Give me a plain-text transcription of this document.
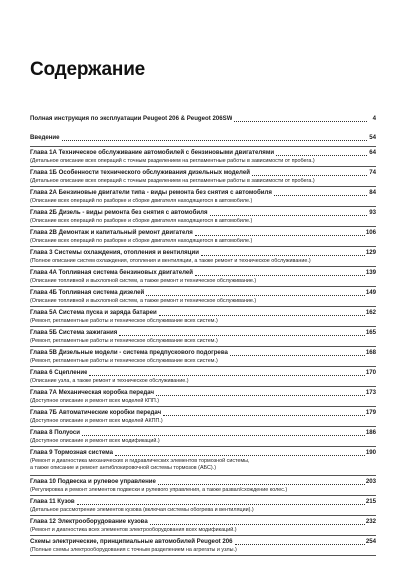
Содержание
Полная инструкция по эксплуатации Peugeot 206 & Peugeot 206SW	4
Введение	54
Глава 1А Техническое обслуживание автомобилей с бензиновыми двигателями	64
(Детальное описание всех операций с точным разделением на регламентные работы в зависимости от пробега.)
Глава 1Б Особенности технического обслуживания дизельных моделей	74
(Детальное описание всех операций с точным разделением на регламентные работы в зависимости от пробега.)
Глава 2А Бензиновые двигатели типа - виды ремонта без снятия с автомобиля	84
(Описание всех операций по разборке и сборке двигателя находящегося в автомобиле.)
Глава 2Б Дизель - виды ремонта без снятия с автомобиля	93
(Описание всех операций по разборке и сборке двигателя находящегося в автомобиле.)
Глава 2В Демонтаж и капитальный ремонт двигателя	106
(Описание всех операций по разборке и сборке двигателя находящегося в автомобиле.)
Глава 3 Системы охлаждения, отопления и вентиляции	129
(Полное описание систем охлаждения, отопления и вентиляции, а также ремонт и техническое обслуживание.)
Глава 4А Топливная система бензиновых двигателей	139
(Описание топливной и выхлопной систем, а также ремонт и техническое обслуживание.)
Глава 4Б Топливная система дизелей	149
(Описание топливной и выхлопной систем, а также ремонт и техническое обслуживание.)
Глава 5А Система пуска и заряда батареи	162
(Ремонт, регламентные работы и техническое обслуживание всех систем.)
Глава 5Б Система зажигания	165
(Ремонт, регламентные работы и техническое обслуживание всех систем.)
Глава 5В Дизельные модели - система предпускового подогрева	168
(Ремонт, регламентные работы и техническое обслуживание всех систем.)
Глава 6 Сцепление	170
(Описание узла, а также ремонт и техническое обслуживание.)
Глава 7А Механическая коробка передач	173
(Доступное описание и ремонт всех моделей КПП.)
Глава 7Б Автоматические коробки передач	179
(Доступное описание и ремонт всех моделей АКПП.)
Глава 8 Полуоси	186
(Доступное описание и ремонт всех модификаций.)
Глава 9 Тормозная система	190
(Ремонт и диагностика механических и гидравлических элементов тормозной системы,
а также описание и ремонт антиблокировочной системы тормозов (АБС).)
Глава 10 Подвеска и рулевое управление	203
(Регулировка и ремонт элементов подвески и рулевого управления, а также развал/схождение колес.)
Глава 11 Кузов	215
(Детальное рассмотрение элементов кузова (включая системы обогрева и вентиляции).)
Глава 12 Электрооборудование кузова	232
(Ремонт и диагностика всех элементов электрооборудования всех модификаций.)
Схемы электрические, принципиальные автомобилей Peugeot 206	254
(Полные схемы электрооборудования с точным разделением на агрегаты и узлы.)
